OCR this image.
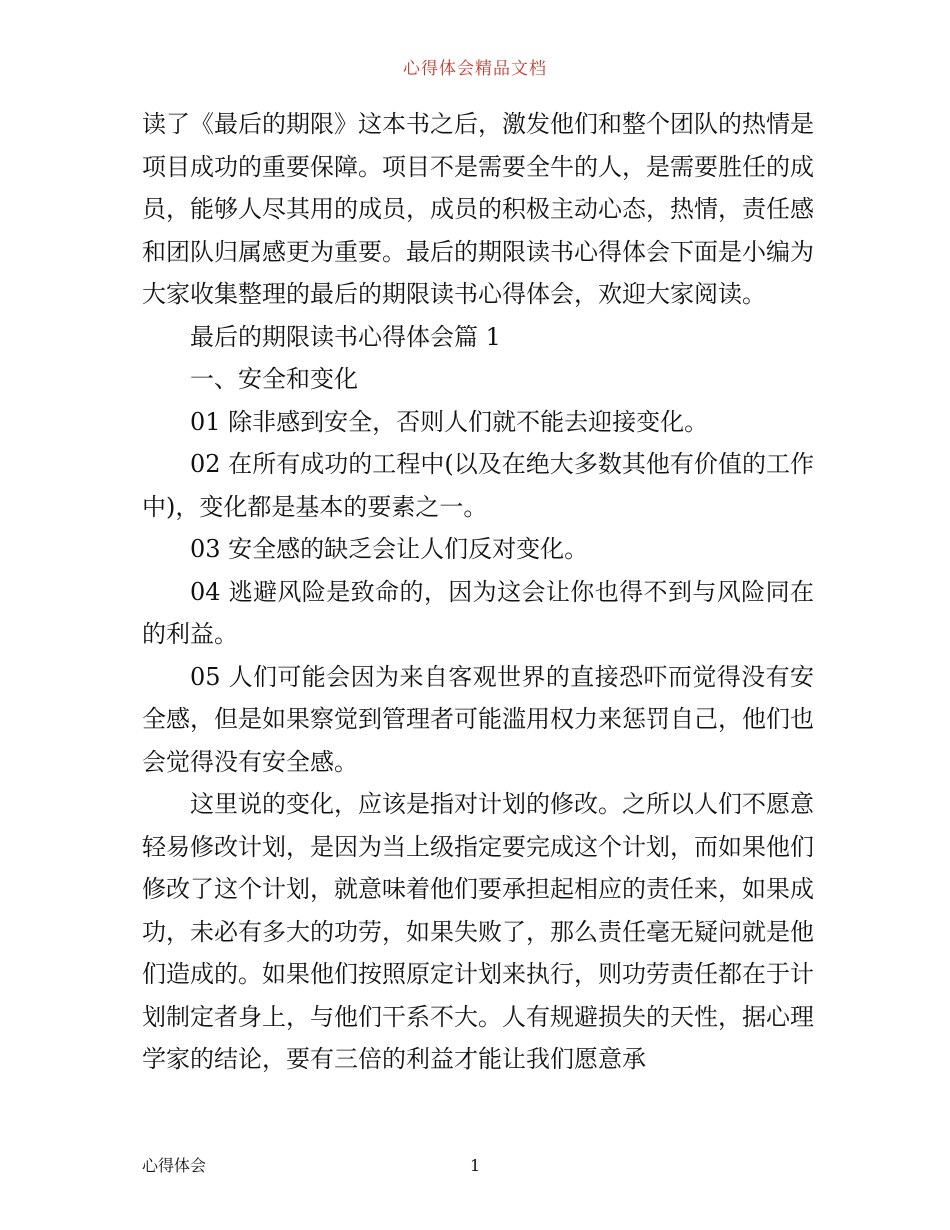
心得体会精品文档

读了《最后的期限》这本书之后，激发他们和整个团队的热情是项目成功的重要保障。项目不是需要全牛的人，是需要胜任的成员，能够人尽其用的成员，成员的积极主动心态，热情，责任感和团队归属感更为重要。最后的期限读书心得体会下面是小编为大家收集整理的最后的期限读书心得体会，欢迎大家阅读。

最后的期限读书心得体会篇 1

一、安全和变化

01 除非感到安全，否则人们就不能去迎接变化。

02 在所有成功的工程中(以及在绝大多数其他有价值的工作中)，变化都是基本的要素之一。

03 安全感的缺乏会让人们反对变化。

04 逃避风险是致命的，因为这会让你也得不到与风险同在的利益。

05 人们可能会因为来自客观世界的直接恐吓而觉得没有安全感，但是如果察觉到管理者可能滥用权力来惩罚自己，他们也会觉得没有安全感。

这里说的变化，应该是指对计划的修改。之所以人们不愿意轻易修改计划，是因为当上级指定要完成这个计划，而如果他们修改了这个计划，就意味着他们要承担起相应的责任来，如果成功，未必有多大的功劳，如果失败了，那么责任毫无疑问就是他们造成的。如果他们按照原定计划来执行，则功劳责任都在于计划制定者身上，与他们干系不大。人有规避损失的天性，据心理学家的结论，要有三倍的利益才能让我们愿意承

心得体会	1
